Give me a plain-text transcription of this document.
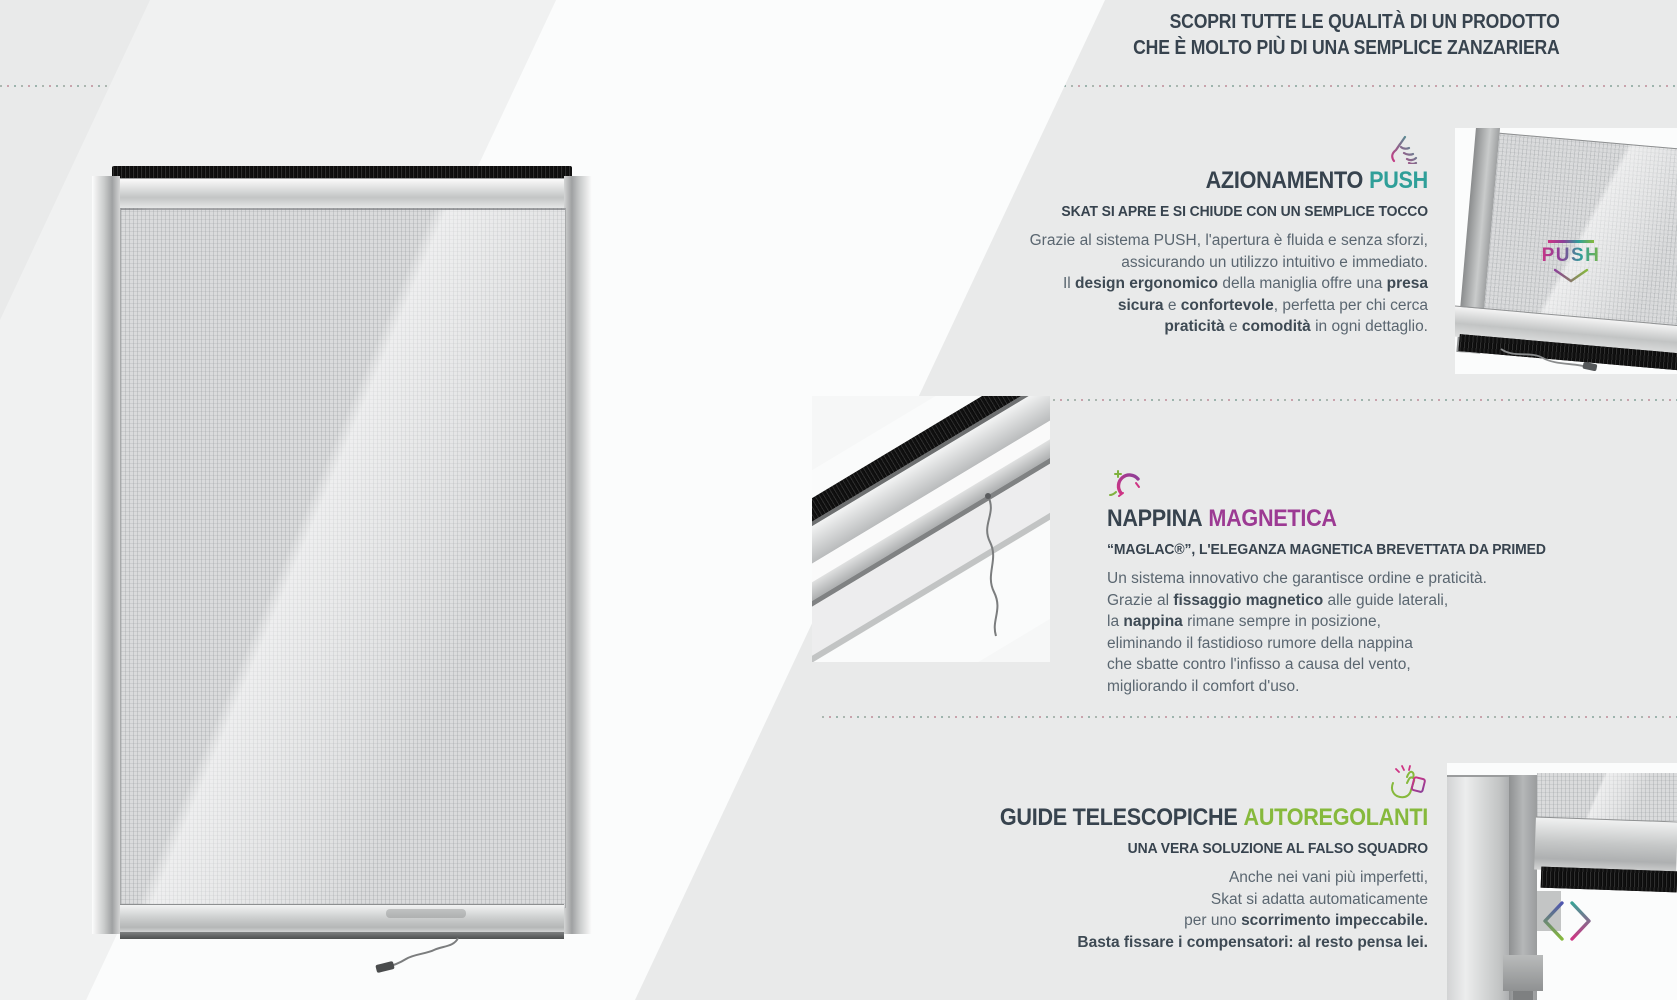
SCOPRI TUTTE LE QUALITÀ DI UN PRODOTTO
CHE È MOLTO PIÙ DI UNA SEMPLICE ZANZARIERA
AZIONAMENTO PUSH
SKAT SI APRE E SI CHIUDE CON UN SEMPLICE TOCCO
Grazie al sistema PUSH, l'apertura è fluida e senza sforzi,
assicurando un utilizzo intuitivo e immediato.
Il design ergonomico della maniglia offre una presa
sicura e confortevole, perfetta per chi cerca
praticità e comodità in ogni dettaglio.
PUSH
NAPPINA MAGNETICA
“MAGLAC®”, L'ELEGANZA MAGNETICA BREVETTATA DA PRIMED
Un sistema innovativo che garantisce ordine e praticità.
Grazie al fissaggio magnetico alle guide laterali,
la nappina rimane sempre in posizione,
eliminando il fastidioso rumore della nappina
che sbatte contro l'infisso a causa del vento,
migliorando il comfort d'uso.
GUIDE TELESCOPICHE AUTOREGOLANTI
UNA VERA SOLUZIONE AL FALSO SQUADRO
Anche nei vani più imperfetti,
Skat si adatta automaticamente
per uno scorrimento impeccabile.
Basta fissare i compensatori: al resto pensa lei.
